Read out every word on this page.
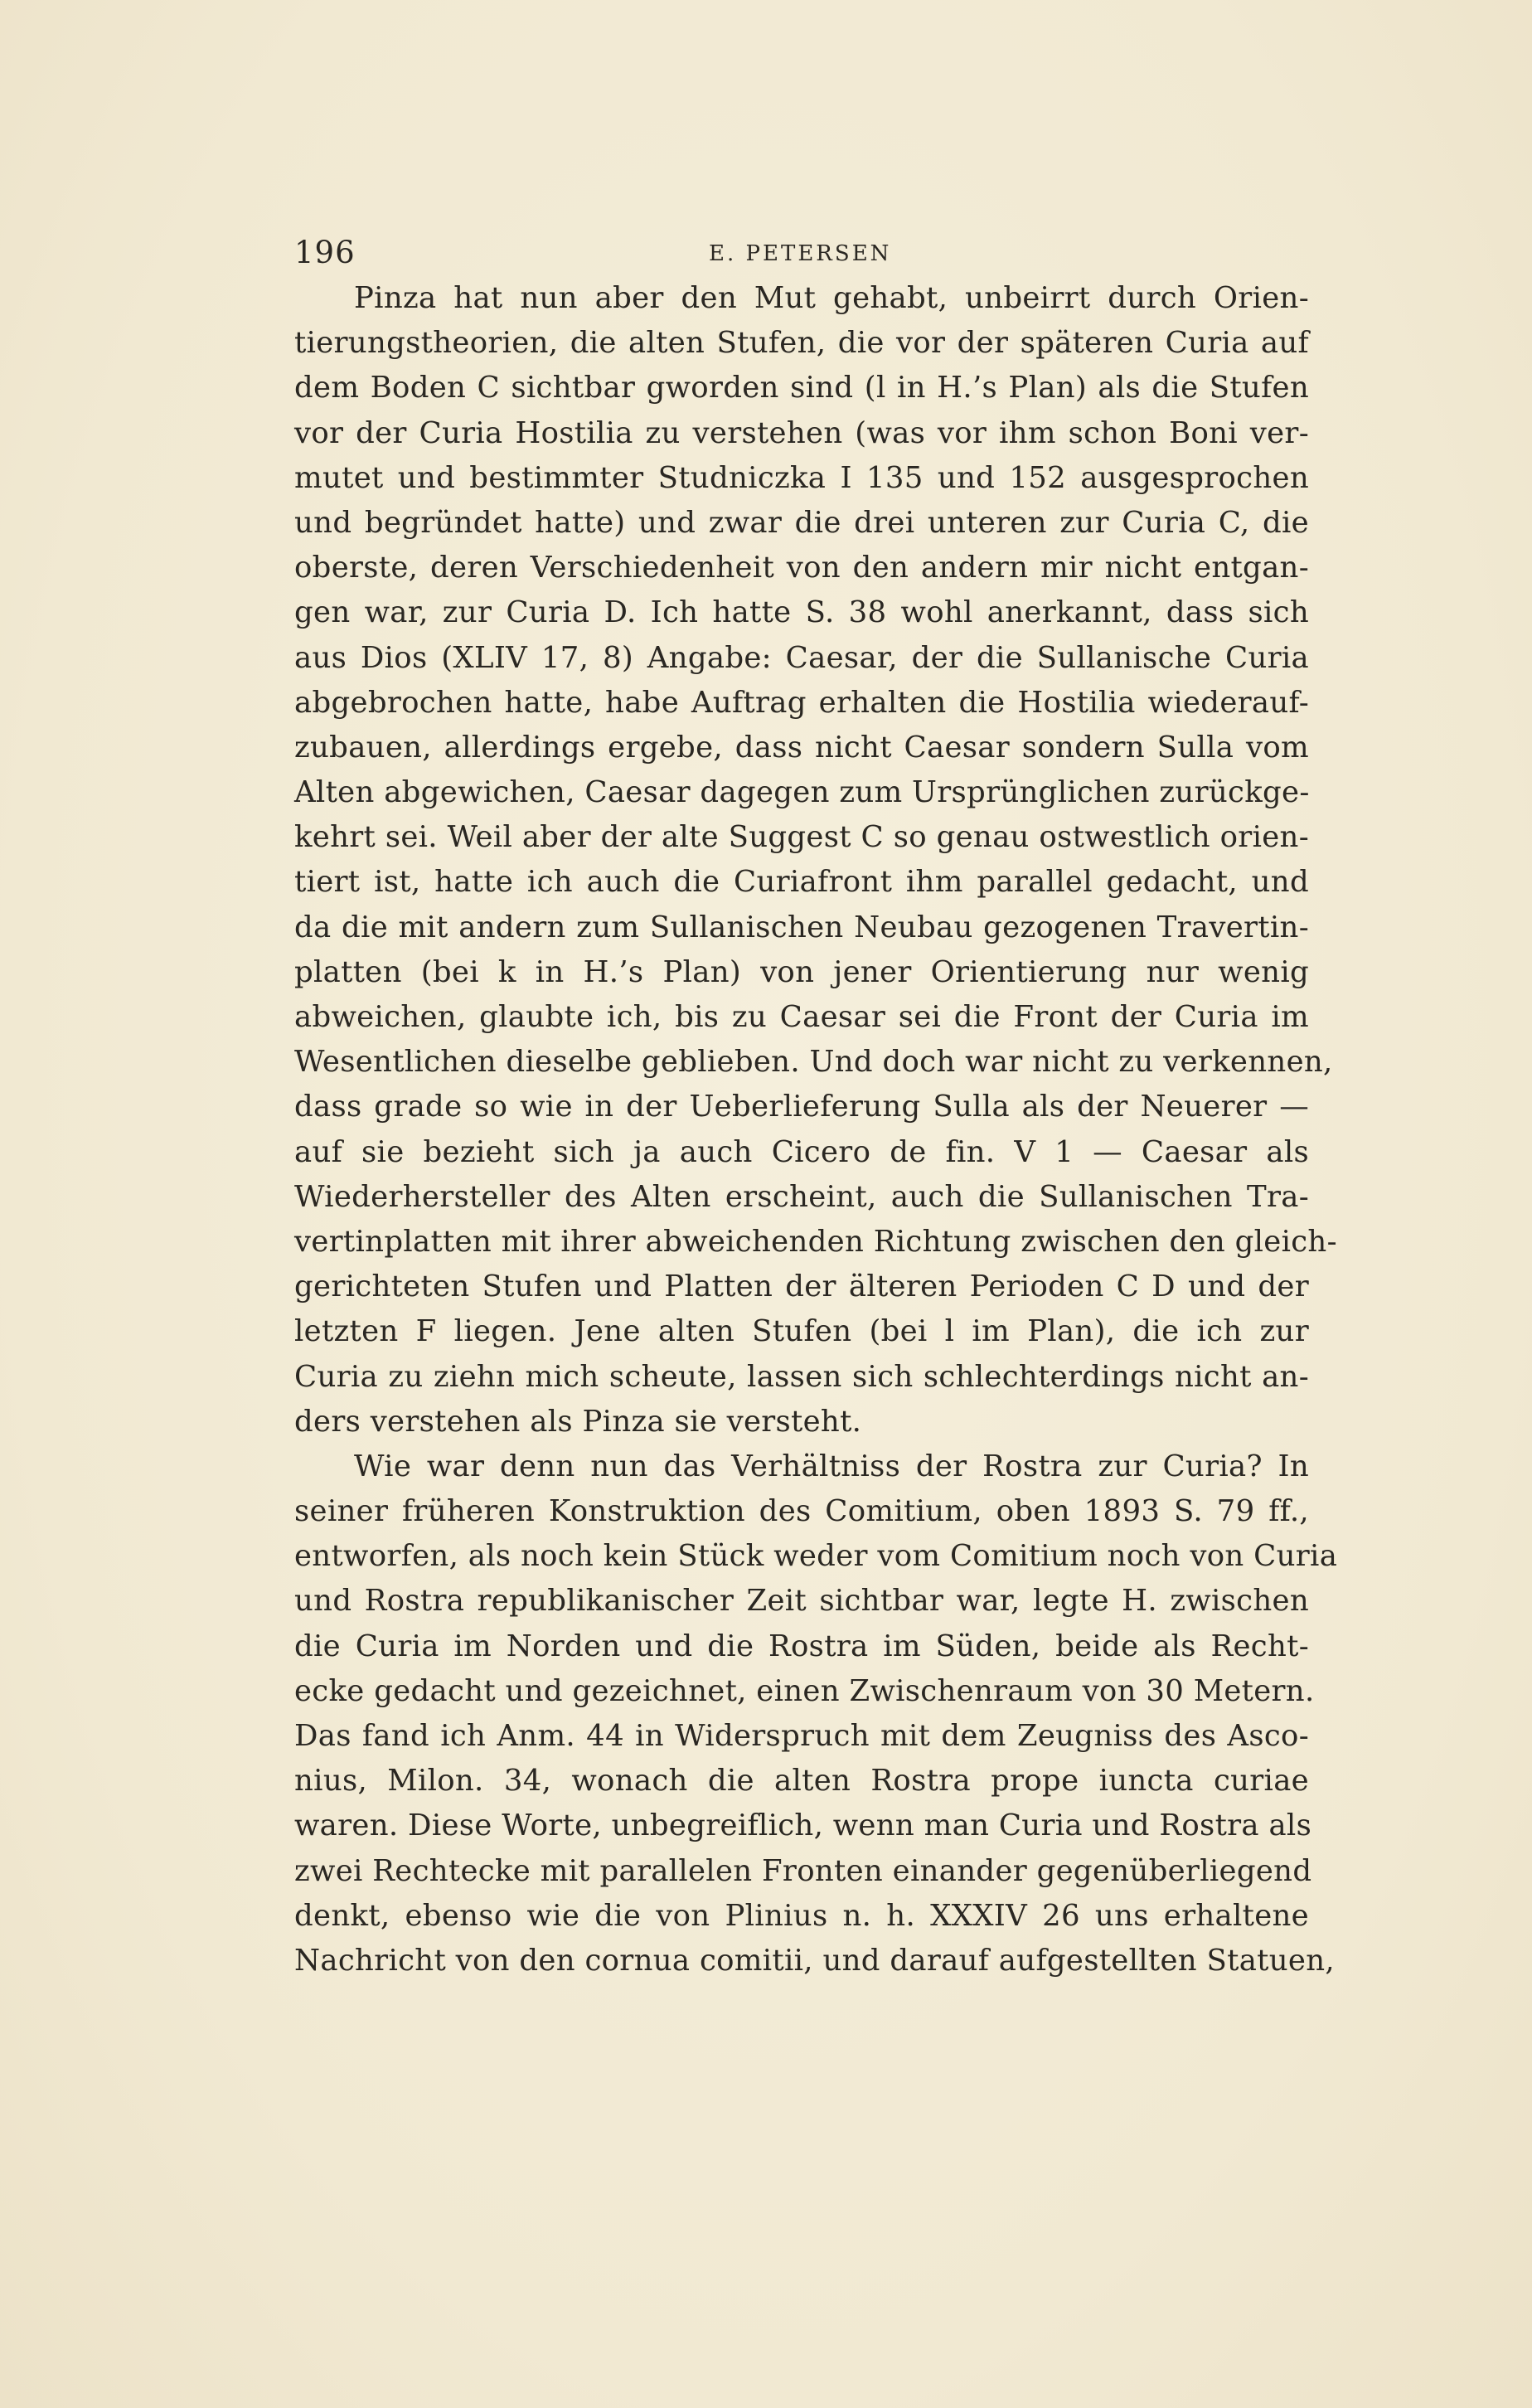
196	E. PETERSEN
Pinza hat nun aber den Mut gehabt, unbeirrt durch Orien-
tierungstheorien, die alten Stufen, die vor der späteren Curia auf
dem Boden C sichtbar gworden sind (l in H.’s Plan) als die Stufen
vor der Curia Hostilia zu verstehen (was vor ihm schon Boni ver-
mutet und bestimmter Studniczka I 135 und 152 ausgesprochen
und begründet hatte) und zwar die drei unteren zur Curia C, die
oberste, deren Verschiedenheit von den andern mir nicht entgan-
gen war, zur Curia D. Ich hatte S. 38 wohl anerkannt, dass sich
aus Dios (XLIV 17, 8) Angabe: Caesar, der die Sullanische Curia
abgebrochen hatte, habe Auftrag erhalten die Hostilia wiederauf-
zubauen, allerdings ergebe, dass nicht Caesar sondern Sulla vom
Alten abgewichen, Caesar dagegen zum Ursprünglichen zurückge-
kehrt sei. Weil aber der alte Suggest C so genau ostwestlich orien-
tiert ist, hatte ich auch die Curiafront ihm parallel gedacht, und
da die mit andern zum Sullanischen Neubau gezogenen Travertin-
platten (bei k in H.’s Plan) von jener Orientierung nur wenig
abweichen, glaubte ich, bis zu Caesar sei die Front der Curia im
Wesentlichen dieselbe geblieben. Und doch war nicht zu verkennen,
dass grade so wie in der Ueberlieferung Sulla als der Neuerer —
auf sie bezieht sich ja auch Cicero de fin. V 1 — Caesar als
Wiederhersteller des Alten erscheint, auch die Sullanischen Tra-
vertinplatten mit ihrer abweichenden Richtung zwischen den gleich-
gerichteten Stufen und Platten der älteren Perioden C D und der
letzten F liegen. Jene alten Stufen (bei l im Plan), die ich zur
Curia zu ziehn mich scheute, lassen sich schlechterdings nicht an-
ders verstehen als Pinza sie versteht.
Wie war denn nun das Verhältniss der Rostra zur Curia? In
seiner früheren Konstruktion des Comitium, oben 1893 S. 79 ff.,
entworfen, als noch kein Stück weder vom Comitium noch von Curia
und Rostra republikanischer Zeit sichtbar war, legte H. zwischen
die Curia im Norden und die Rostra im Süden, beide als Recht-
ecke gedacht und gezeichnet, einen Zwischenraum von 30 Metern.
Das fand ich Anm. 44 in Widerspruch mit dem Zeugniss des Asco-
nius, Milon. 34, wonach die alten Rostra prope iuncta curiae
waren. Diese Worte, unbegreiflich, wenn man Curia und Rostra als
zwei Rechtecke mit parallelen Fronten einander gegenüberliegend
denkt, ebenso wie die von Plinius n. h. XXXIV 26 uns erhaltene
Nachricht von den cornua comitii, und darauf aufgestellten Statuen,
